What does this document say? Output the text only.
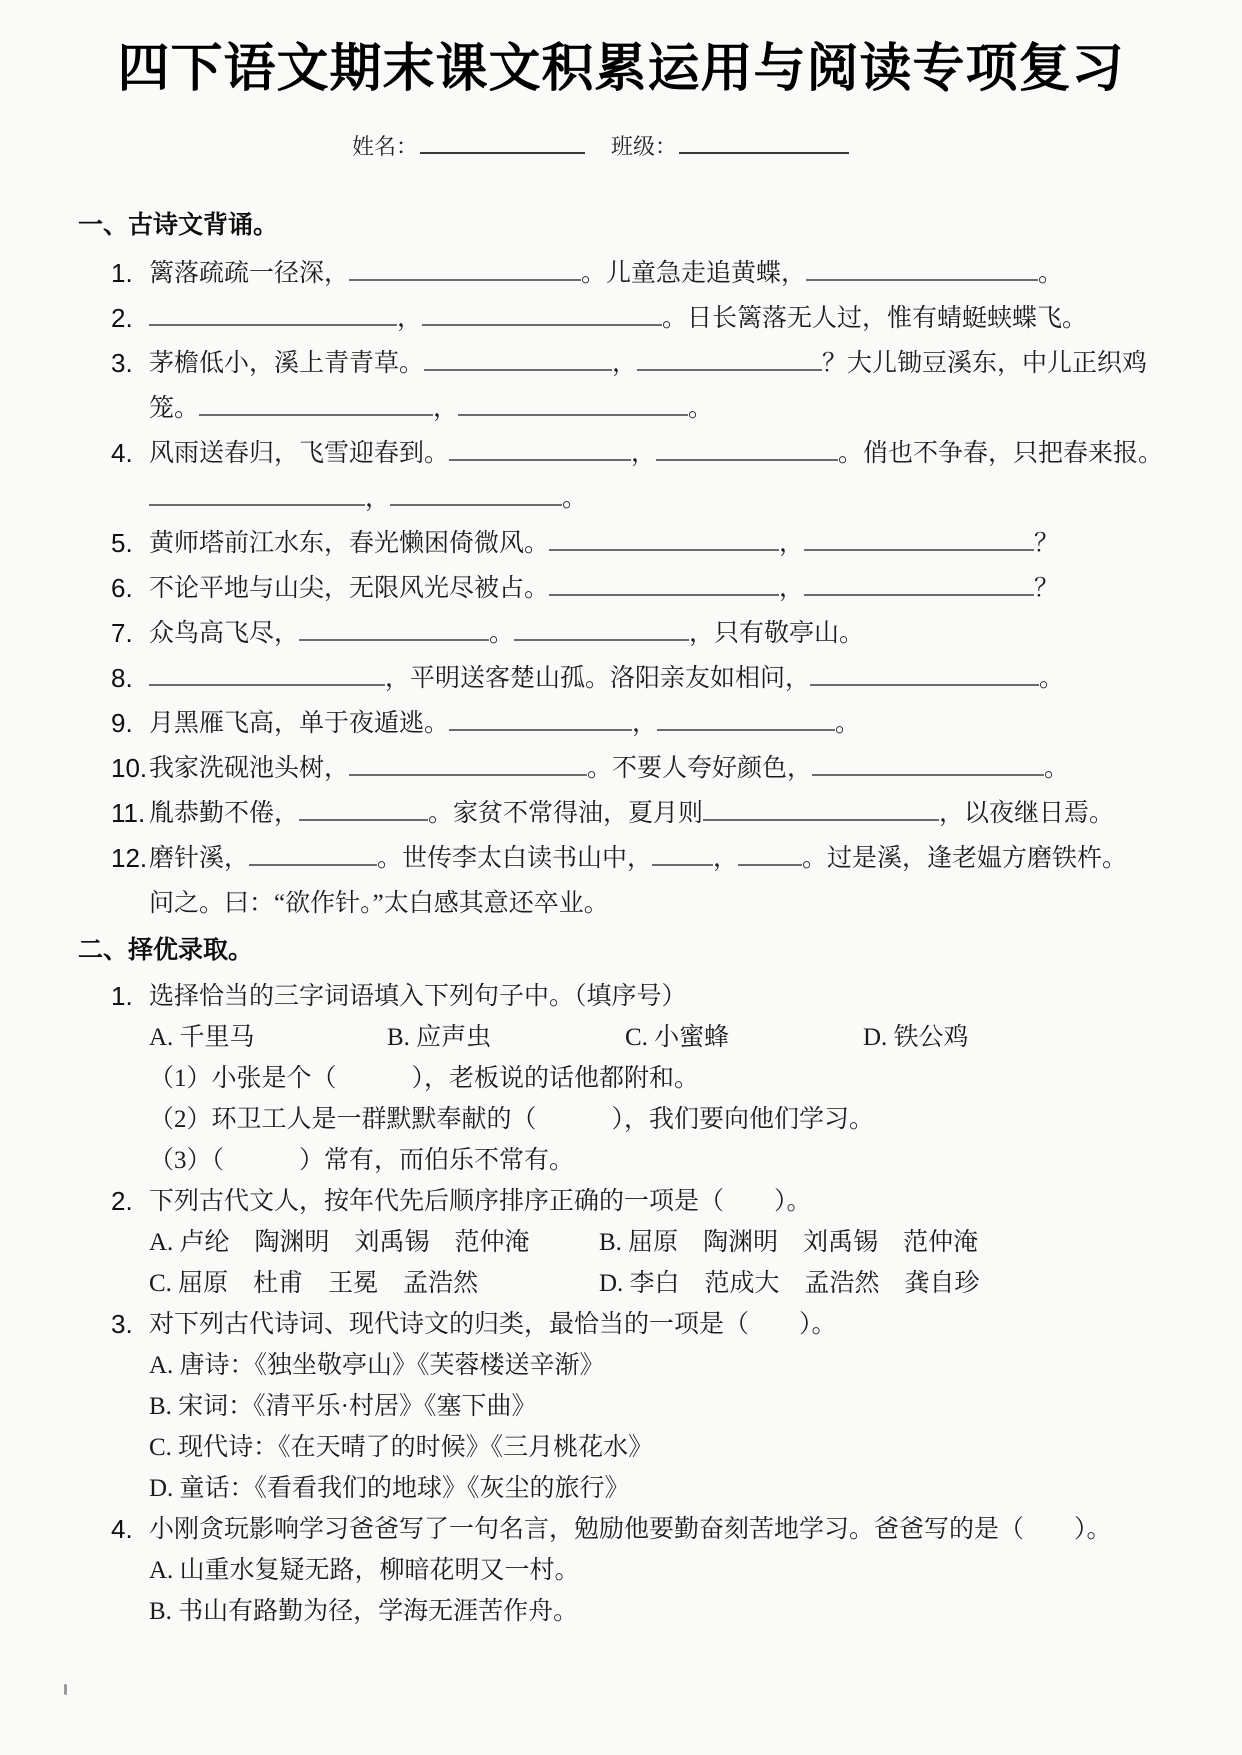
四下语文期末课文积累运用与阅读专项复习
姓名：	班级：
一、古诗文背诵。
1. 篱落疏疏一径深，	。儿童急走追黄蝶，	。
2.	，	。日长篱落无人过，惟有蜻蜓蛱蝶飞。
3. 茅檐低小，溪上青青草。	，	？大儿锄豆溪东，中儿正织鸡
笼。	，	。
4. 风雨送春归，飞雪迎春到。	，	。俏也不争春，只把春来报。
，	。
5. 黄师塔前江水东，春光懒困倚微风。	，	？
6. 不论平地与山尖，无限风光尽被占。	，	？
7. 众鸟高飞尽，	。	，只有敬亭山。
8.	，平明送客楚山孤。洛阳亲友如相问，	。
9. 月黑雁飞高，单于夜遁逃。	，	。
10. 我家洗砚池头树，	。不要人夸好颜色，	。
11. 胤恭勤不倦，	。家贫不常得油，夏月则	，以夜继日焉。
12. 磨针溪，	。世传李太白读书山中， ，	。过是溪，逢老媪方磨铁杵。
问之。曰：“欲作针。”太白感其意还卒业。
二、择优录取。
1. 选择恰当的三字词语填入下列句子中。（填序号）
A. 千里马	B. 应声虫	C. 小蜜蜂	D. 铁公鸡
（1）小张是个（　　　），老板说的话他都附和。
（2）环卫工人是一群默默奉献的（　　　），我们要向他们学习。
（3）（　　　）常有，而伯乐不常有。
2. 下列古代文人，按年代先后顺序排序正确的一项是（　　）。
A. 卢纶　陶渊明　刘禹锡　范仲淹	B. 屈原　陶渊明　刘禹锡　范仲淹
C. 屈原　杜甫　王冕　孟浩然	D. 李白　范成大　孟浩然　龚自珍
3. 对下列古代诗词、现代诗文的归类，最恰当的一项是（　　）。
A. 唐诗：《独坐敬亭山》《芙蓉楼送辛渐》
B. 宋词：《清平乐·村居》《塞下曲》
C. 现代诗：《在天晴了的时候》《三月桃花水》
D. 童话：《看看我们的地球》《灰尘的旅行》
4. 小刚贪玩影响学习爸爸写了一句名言，勉励他要勤奋刻苦地学习。爸爸写的是（　　）。
A. 山重水复疑无路，柳暗花明又一村。
B. 书山有路勤为径，学海无涯苦作舟。
